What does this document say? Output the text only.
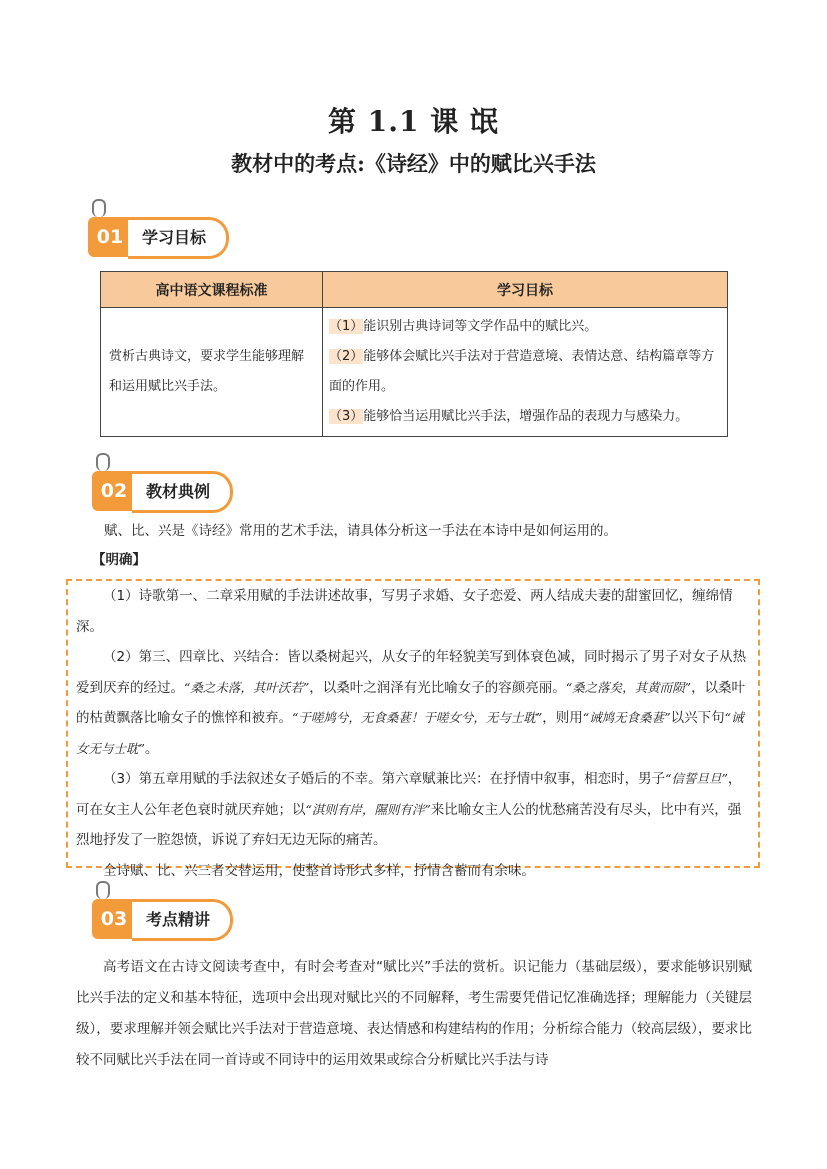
第 1.1 课 氓
教材中的考点:《诗经》中的赋比兴手法
01	学习目标
高中语文课程标准	学习目标
赏析古典诗文，要求学生能够理解和运用赋比兴手法。	（1）能识别古典诗词等文学作品中的赋比兴。
（2）能够体会赋比兴手法对于营造意境、表情达意、结构篇章等方面的作用。
（3）能够恰当运用赋比兴手法，增强作品的表现力与感染力。
02	教材典例
赋、比、兴是《诗经》常用的艺术手法，请具体分析这一手法在本诗中是如何运用的。
【明确】

（1）诗歌第一、二章采用赋的手法讲述故事，写男子求婚、女子恋爱、两人结成夫妻的甜蜜回忆，缠绵情深。

（2）第三、四章比、兴结合：皆以桑树起兴，从女子的年轻貌美写到体衰色减，同时揭示了男子对女子从热爱到厌弃的经过。“桑之未落，其叶沃若”，以桑叶之润泽有光比喻女子的容颜亮丽。“桑之落矣，其黄而陨”，以桑叶的枯黄飘落比喻女子的憔悴和被弃。“于嗟鸠兮，无食桑葚！于嗟女兮，无与士耽”，则用“诫鸠无食桑葚”以兴下句“诫女无与士耽”。

（3）第五章用赋的手法叙述女子婚后的不幸。第六章赋兼比兴：在抒情中叙事，相恋时，男子“信誓旦旦”，可在女主人公年老色衰时就厌弃她；以“淇则有岸，隰则有泮”来比喻女主人公的忧愁痛苦没有尽头，比中有兴，强烈地抒发了一腔怨愤，诉说了弃妇无边无际的痛苦。

全诗赋、比、兴三者交替运用，使整首诗形式多样，抒情含蓄而有余味。

03	考点精讲
高考语文在古诗文阅读考查中，有时会考查对“赋比兴”手法的赏析。识记能力（基础层级），要求能够识别赋比兴手法的定义和基本特征，选项中会出现对赋比兴的不同解释，考生需要凭借记忆准确选择；理解能力（关键层级），要求理解并领会赋比兴手法对于营造意境、表达情感和构建结构的作用；分析综合能力（较高层级），要求比较不同赋比兴手法在同一首诗或不同诗中的运用效果或综合分析赋比兴手法与诗
